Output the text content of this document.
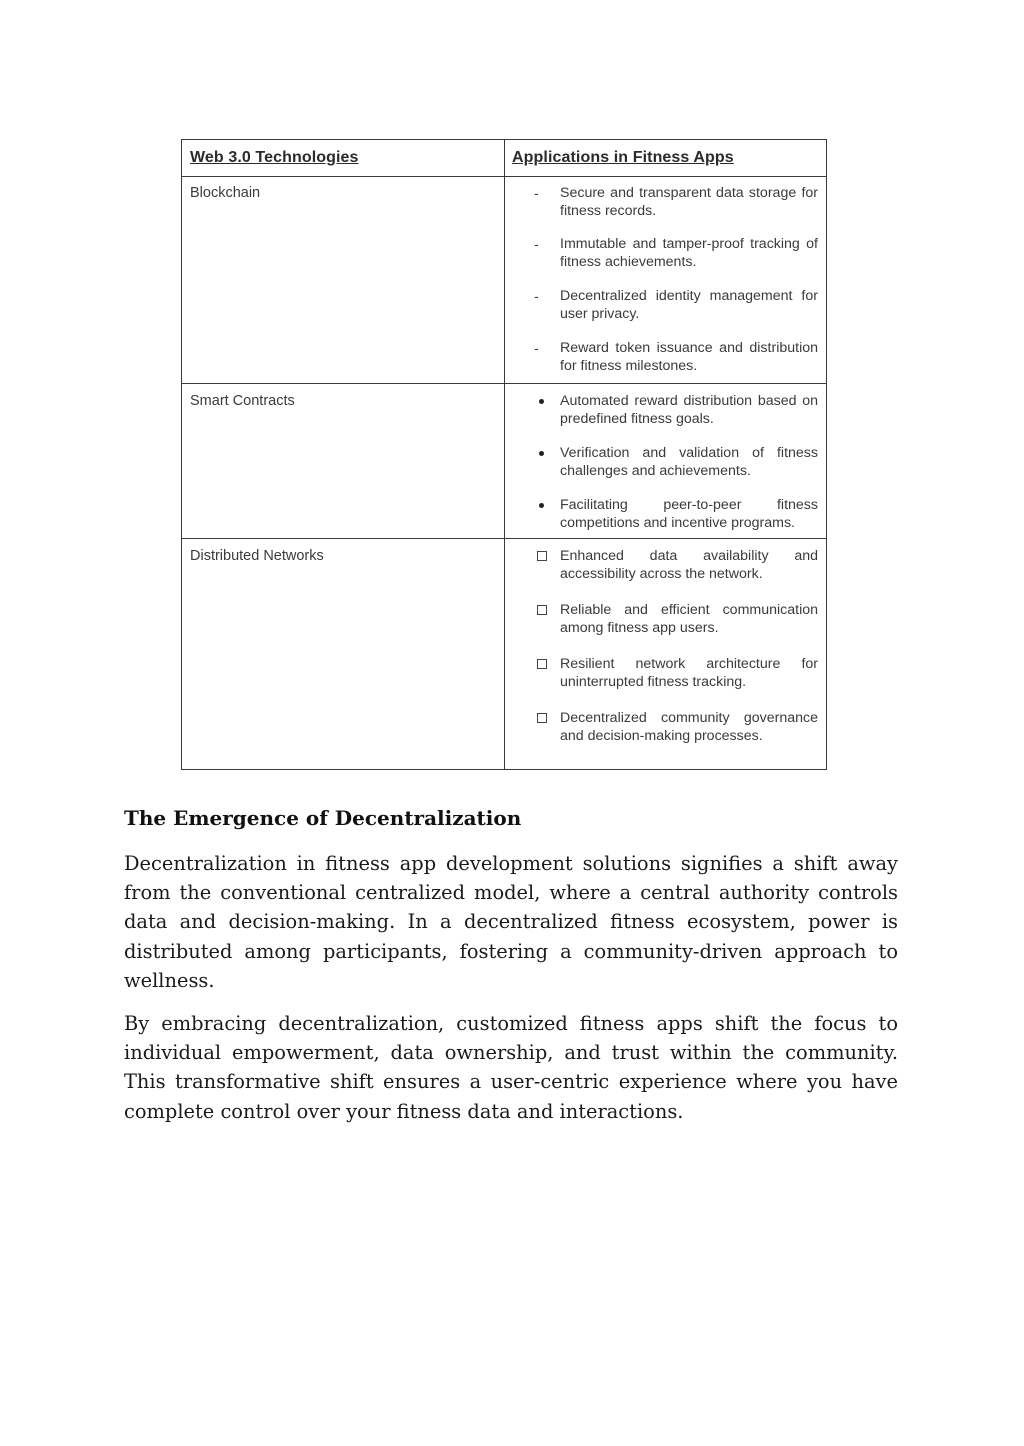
Web 3.0 Technologies	Applications in Fitness Apps
Blockchain	-	Secure and transparent data storage for fitness records.
-	Immutable and tamper-proof tracking of fitness achievements.
-	Decentralized identity management for user privacy.
-	Reward token issuance and distribution for fitness milestones.
Smart Contracts	Automated reward distribution based on predefined fitness goals.
Verification and validation of fitness challenges and achievements.
Facilitating peer-to-peer fitness competitions and incentive programs.
Distributed Networks	Enhanced data availability and accessibility across the network.
Reliable and efficient communication among fitness app users.
Resilient network architecture for uninterrupted fitness tracking.
Decentralized community governance and decision-making processes.
The Emergence of Decentralization

Decentralization in fitness app development solutions signifies a shift away from the conventional centralized model, where a central authority controls data and decision-making. In a decentralized fitness ecosystem, power is distributed among participants, fostering a community-driven approach to wellness.

By embracing decentralization, customized fitness apps shift the focus to individual empowerment, data ownership, and trust within the community. This transformative shift ensures a user-centric experience where you have complete control over your fitness data and interactions.
